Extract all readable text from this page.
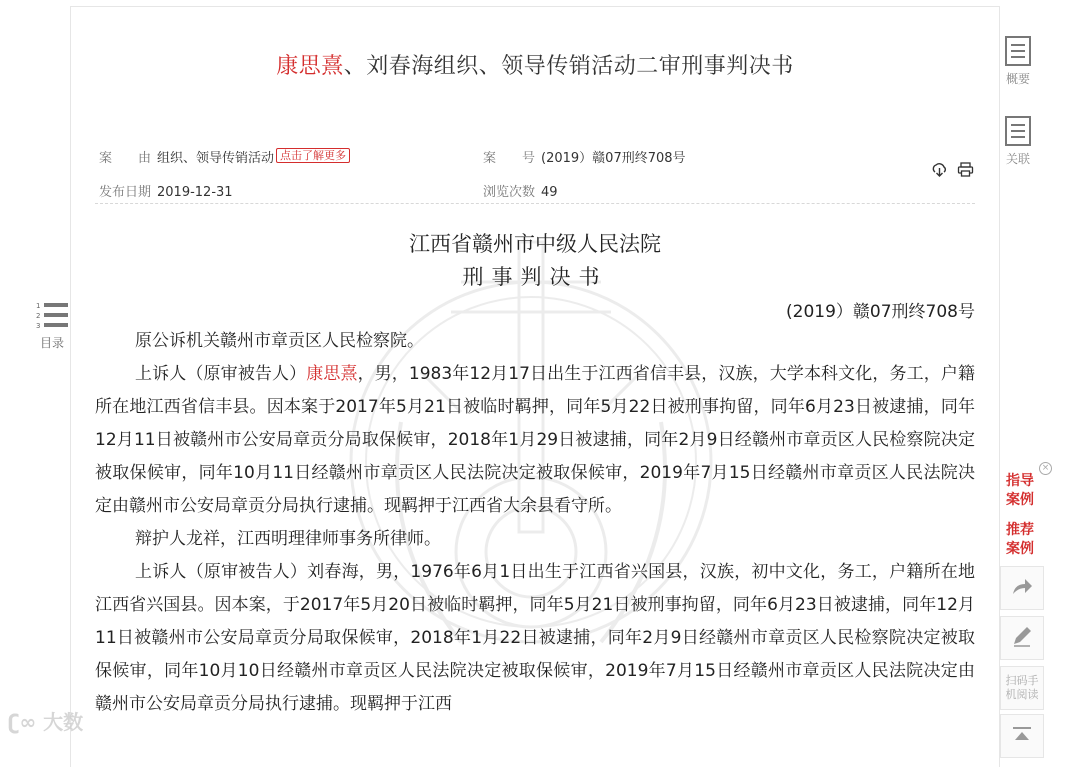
康思熹、刘春海组织、领导传销活动二审刑事判决书
案　　由 组织、领导传销活动 点击了解更多	案　　号 (2019）赣07刑终708号
发布日期 2019-12-31	浏览次数 49

江西省赣州市中级人民法院
刑事判决书
(2019）赣07刑终708号

原公诉机关赣州市章贡区人民检察院。

上诉人（原审被告人）康思熹，男，1983年12月17日出生于江西省信丰县，汉族，大学本科文化，务工，户籍所在地江西省信丰县。因本案于2017年5月21日被临时羁押，同年5月22日被刑事拘留，同年6月23日被逮捕，同年12月11日被赣州市公安局章贡分局取保候审，2018年1月29日被逮捕，同年2月9日经赣州市章贡区人民检察院决定被取保候审，同年10月11日经赣州市章贡区人民法院决定被取保候审，2019年7月15日经赣州市章贡区人民法院决定由赣州市公安局章贡分局执行逮捕。现羁押于江西省大余县看守所。

辩护人龙祥，江西明理律师事务所律师。

上诉人（原审被告人）刘春海，男，1976年6月1日出生于江西省兴国县，汉族，初中文化，务工，户籍所在地江西省兴国县。因本案，于2017年5月20日被临时羁押，同年5月21日被刑事拘留，同年6月23日被逮捕，同年12月11日被赣州市公安局章贡分局取保候审，2018年1月22日被逮捕，同年2月9日经赣州市章贡区人民检察院决定被取保候审，同年10月10日经赣州市章贡区人民法院决定被取保候审，2019年7月15日经赣州市章贡区人民法院决定由赣州市公安局章贡分局执行逮捕。现羁押于江西

1
2
3
目录
概要
关联
×
指导案例
推荐案例
扫码手机阅读
ʗ∞ 大数
